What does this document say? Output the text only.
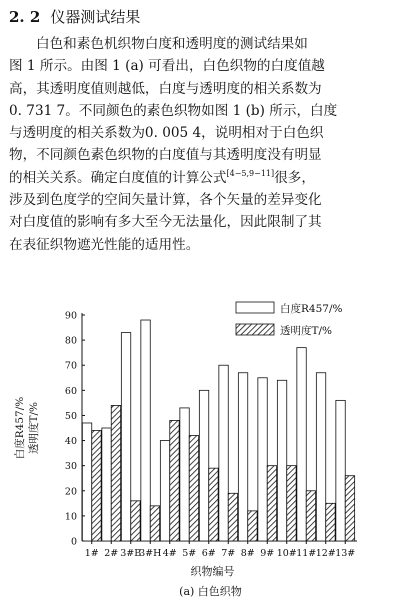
2. 2 仪器测试结果
白色和素色机织物白度和透明度的测试结果如
图 1 所示。由图 1 (a) 可看出，白色织物的白度值越
高，其透明度值则越低，白度与透明度的相关系数为
0. 731 7。不同颜色的素色织物如图 1 (b) 所示，白度
与透明度的相关系数为0. 005 4，说明相对于白色织
物，不同颜色素色织物的白度值与其透明度没有明显
的相关关系。确定白度值的计算公式[4−5,9−11]很多，
涉及到色度学的空间矢量计算，各个矢量的差异变化
对白度值的影响有多大至今无法量化，因此限制了其
在表征织物遮光性能的适用性。
0
10
20
30
40
50
60
70
80
90
1# 2# 3#B
3#H 4# 5# 6# 7# 8# 9# 10# 11# 12# 13#
白度R457/%
透明度T/%
白度R457/% 透明度T/%
织物编号
(a) 白色织物
